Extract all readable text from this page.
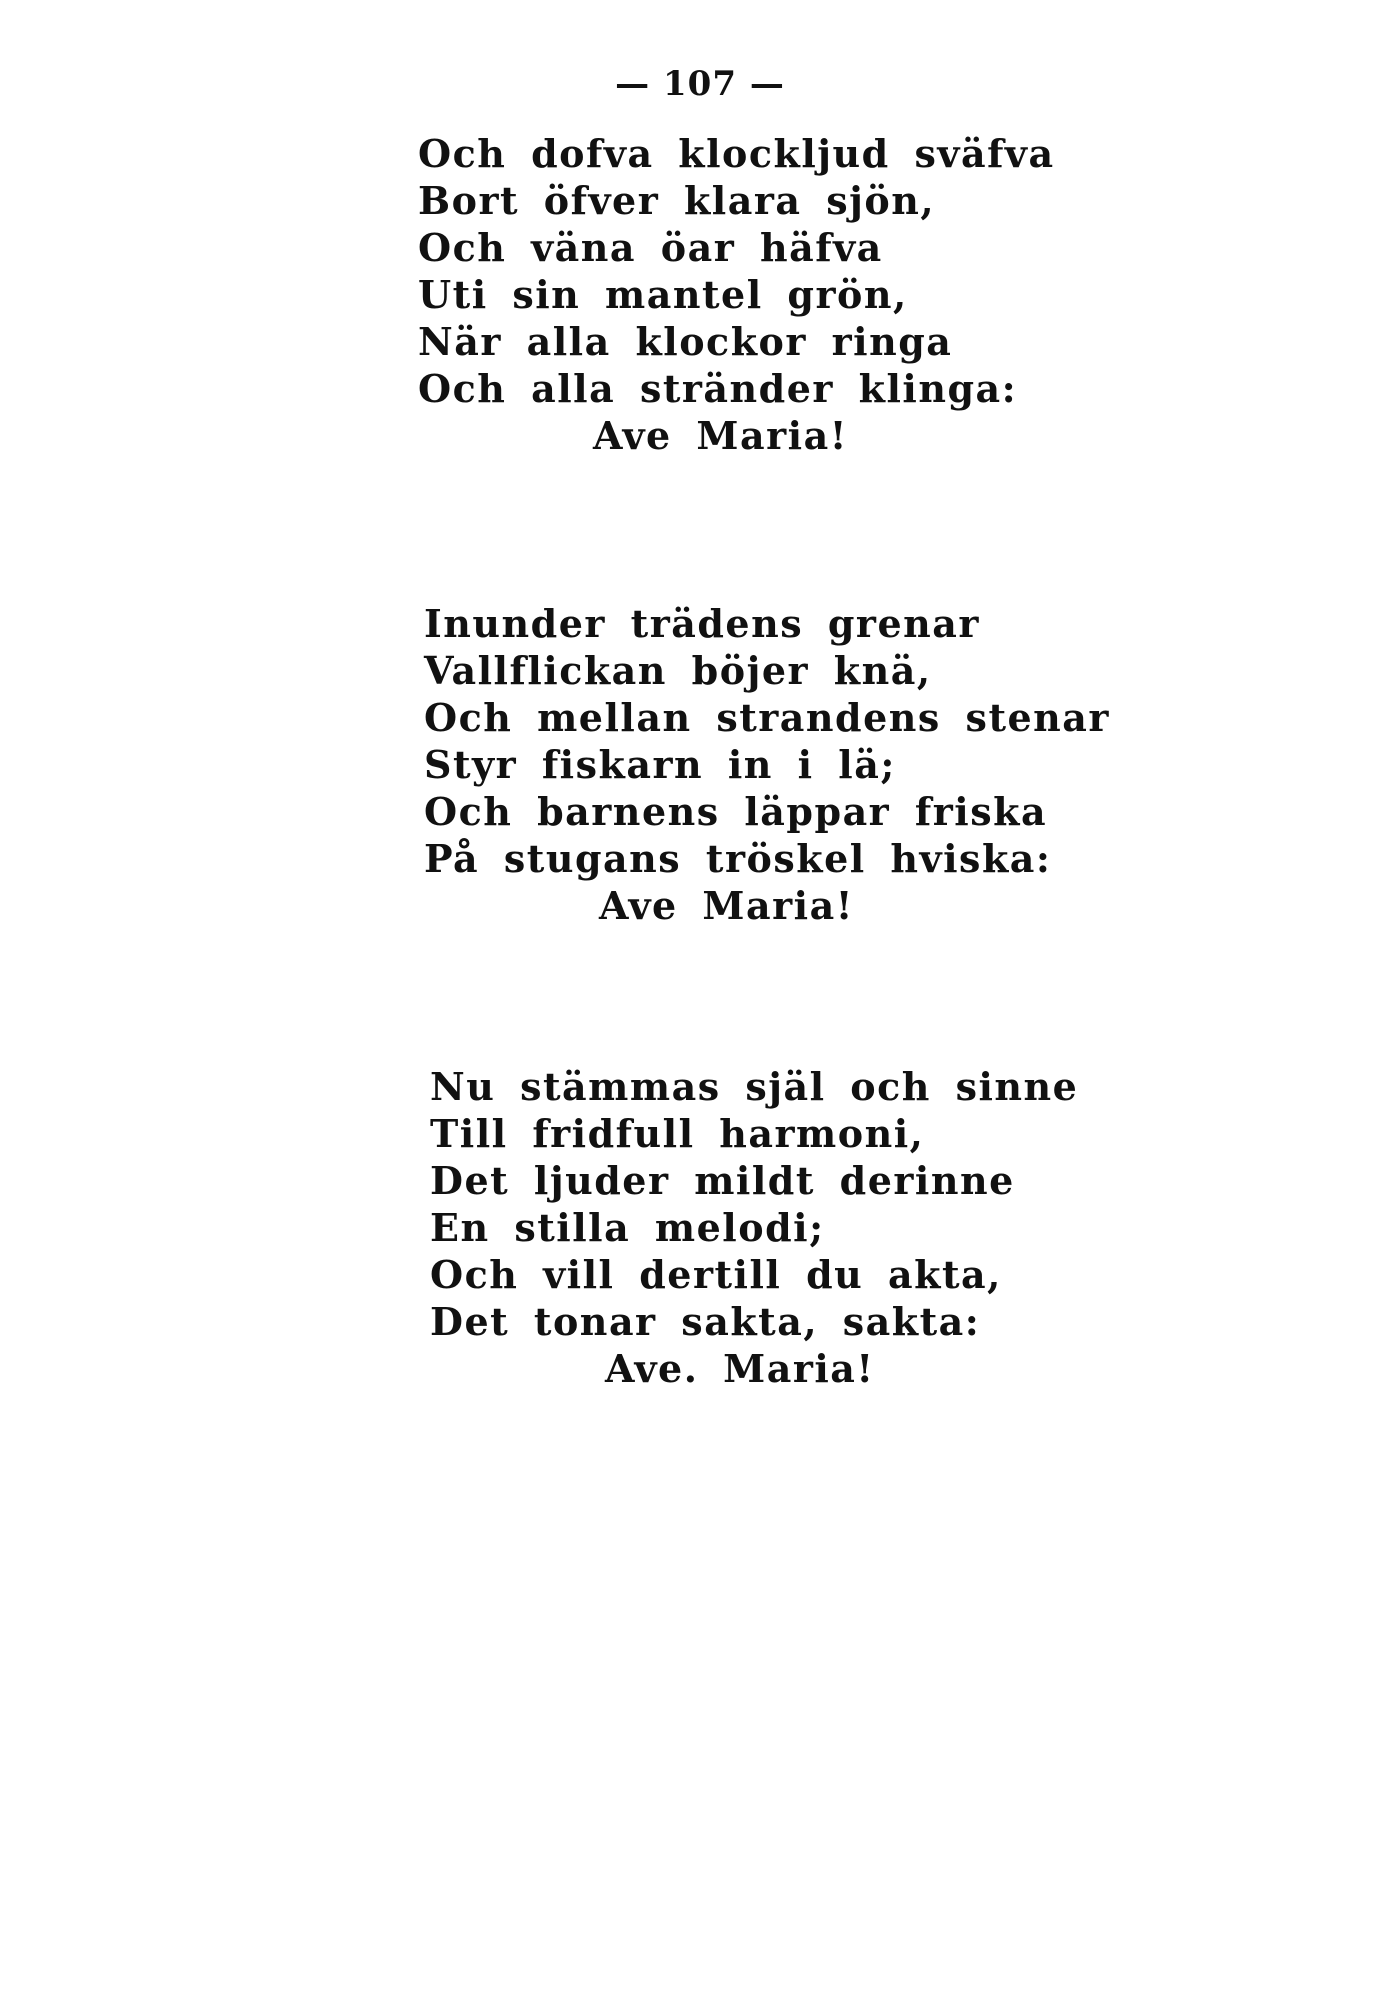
— 107 —
Och dofva klockljud sväfva
Bort öfver klara sjön,
Och väna öar häfva
Uti sin mantel grön,
När alla klockor ringa
Och alla stränder klinga:
Ave Maria!
Inunder trädens grenar
Vallflickan böjer knä,
Och mellan strandens stenar
Styr fiskarn in i lä;
Och barnens läppar friska
På stugans tröskel hviska:
Ave Maria!
Nu stämmas själ och sinne
Till fridfull harmoni,
Det ljuder mildt derinne
En stilla melodi;
Och vill dertill du akta,
Det tonar sakta, sakta:
Ave. Maria!
